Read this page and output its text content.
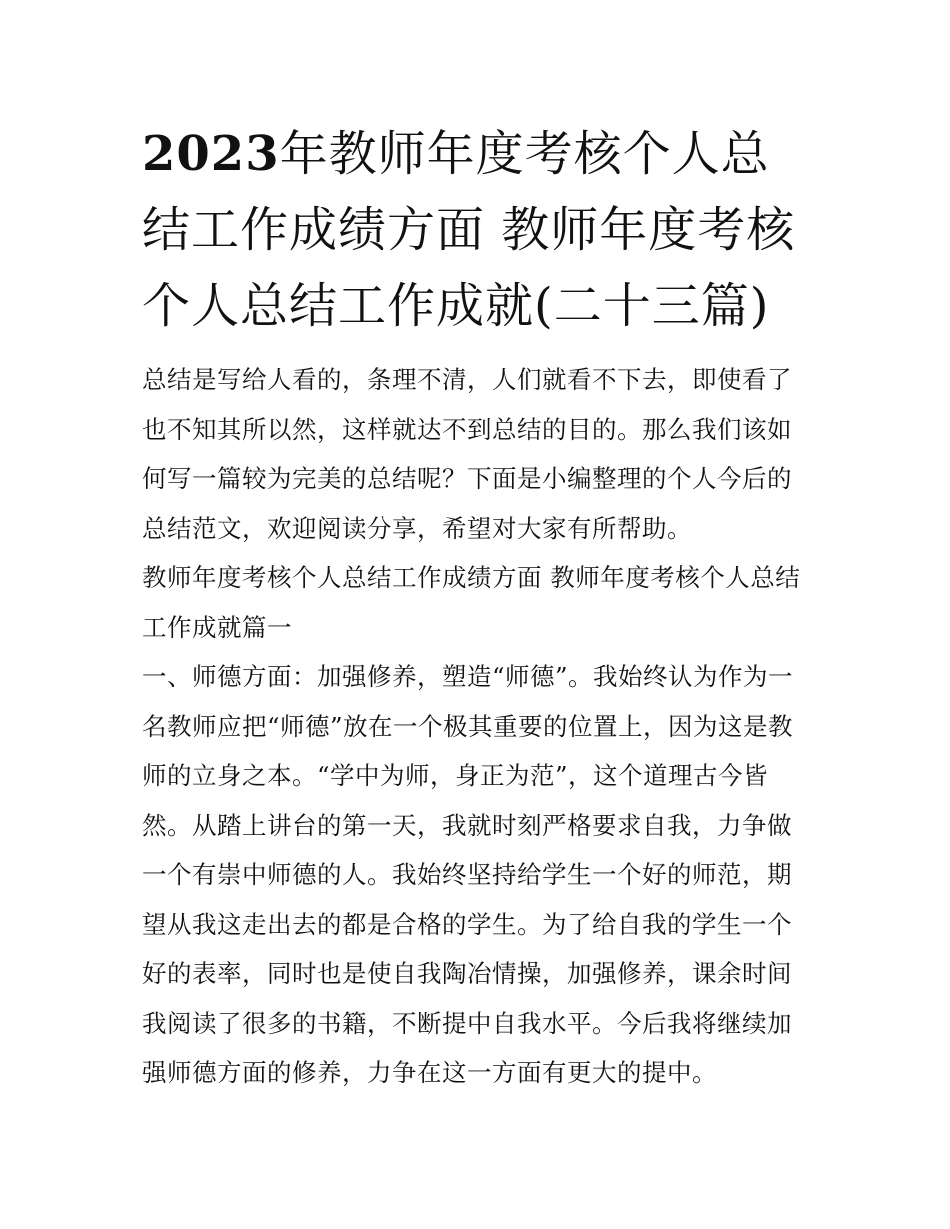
2023年教师年度考核个人总结工作成绩方面 教师年度考核个人总结工作成就(二十三篇)

总结是写给人看的，条理不清，人们就看不下去，即使看了也不知其所以然，这样就达不到总结的目的。那么我们该如何写一篇较为完美的总结呢？下面是小编整理的个人今后的总结范文，欢迎阅读分享，希望对大家有所帮助。

教师年度考核个人总结工作成绩方面 教师年度考核个人总结工作成就篇一

一、师德方面：加强修养，塑造“师德”。我始终认为作为一名教师应把“师德”放在一个极其重要的位置上，因为这是教师的立身之本。“学中为师，身正为范”，这个道理古今皆然。从踏上讲台的第一天，我就时刻严格要求自我，力争做一个有崇中师德的人。我始终坚持给学生一个好的师范，期望从我这走出去的都是合格的学生。为了给自我的学生一个好的表率，同时也是使自我陶冶情操，加强修养，课余时间我阅读了很多的书籍，不断提中自我水平。今后我将继续加强师德方面的修养，力争在这一方面有更大的提中。
